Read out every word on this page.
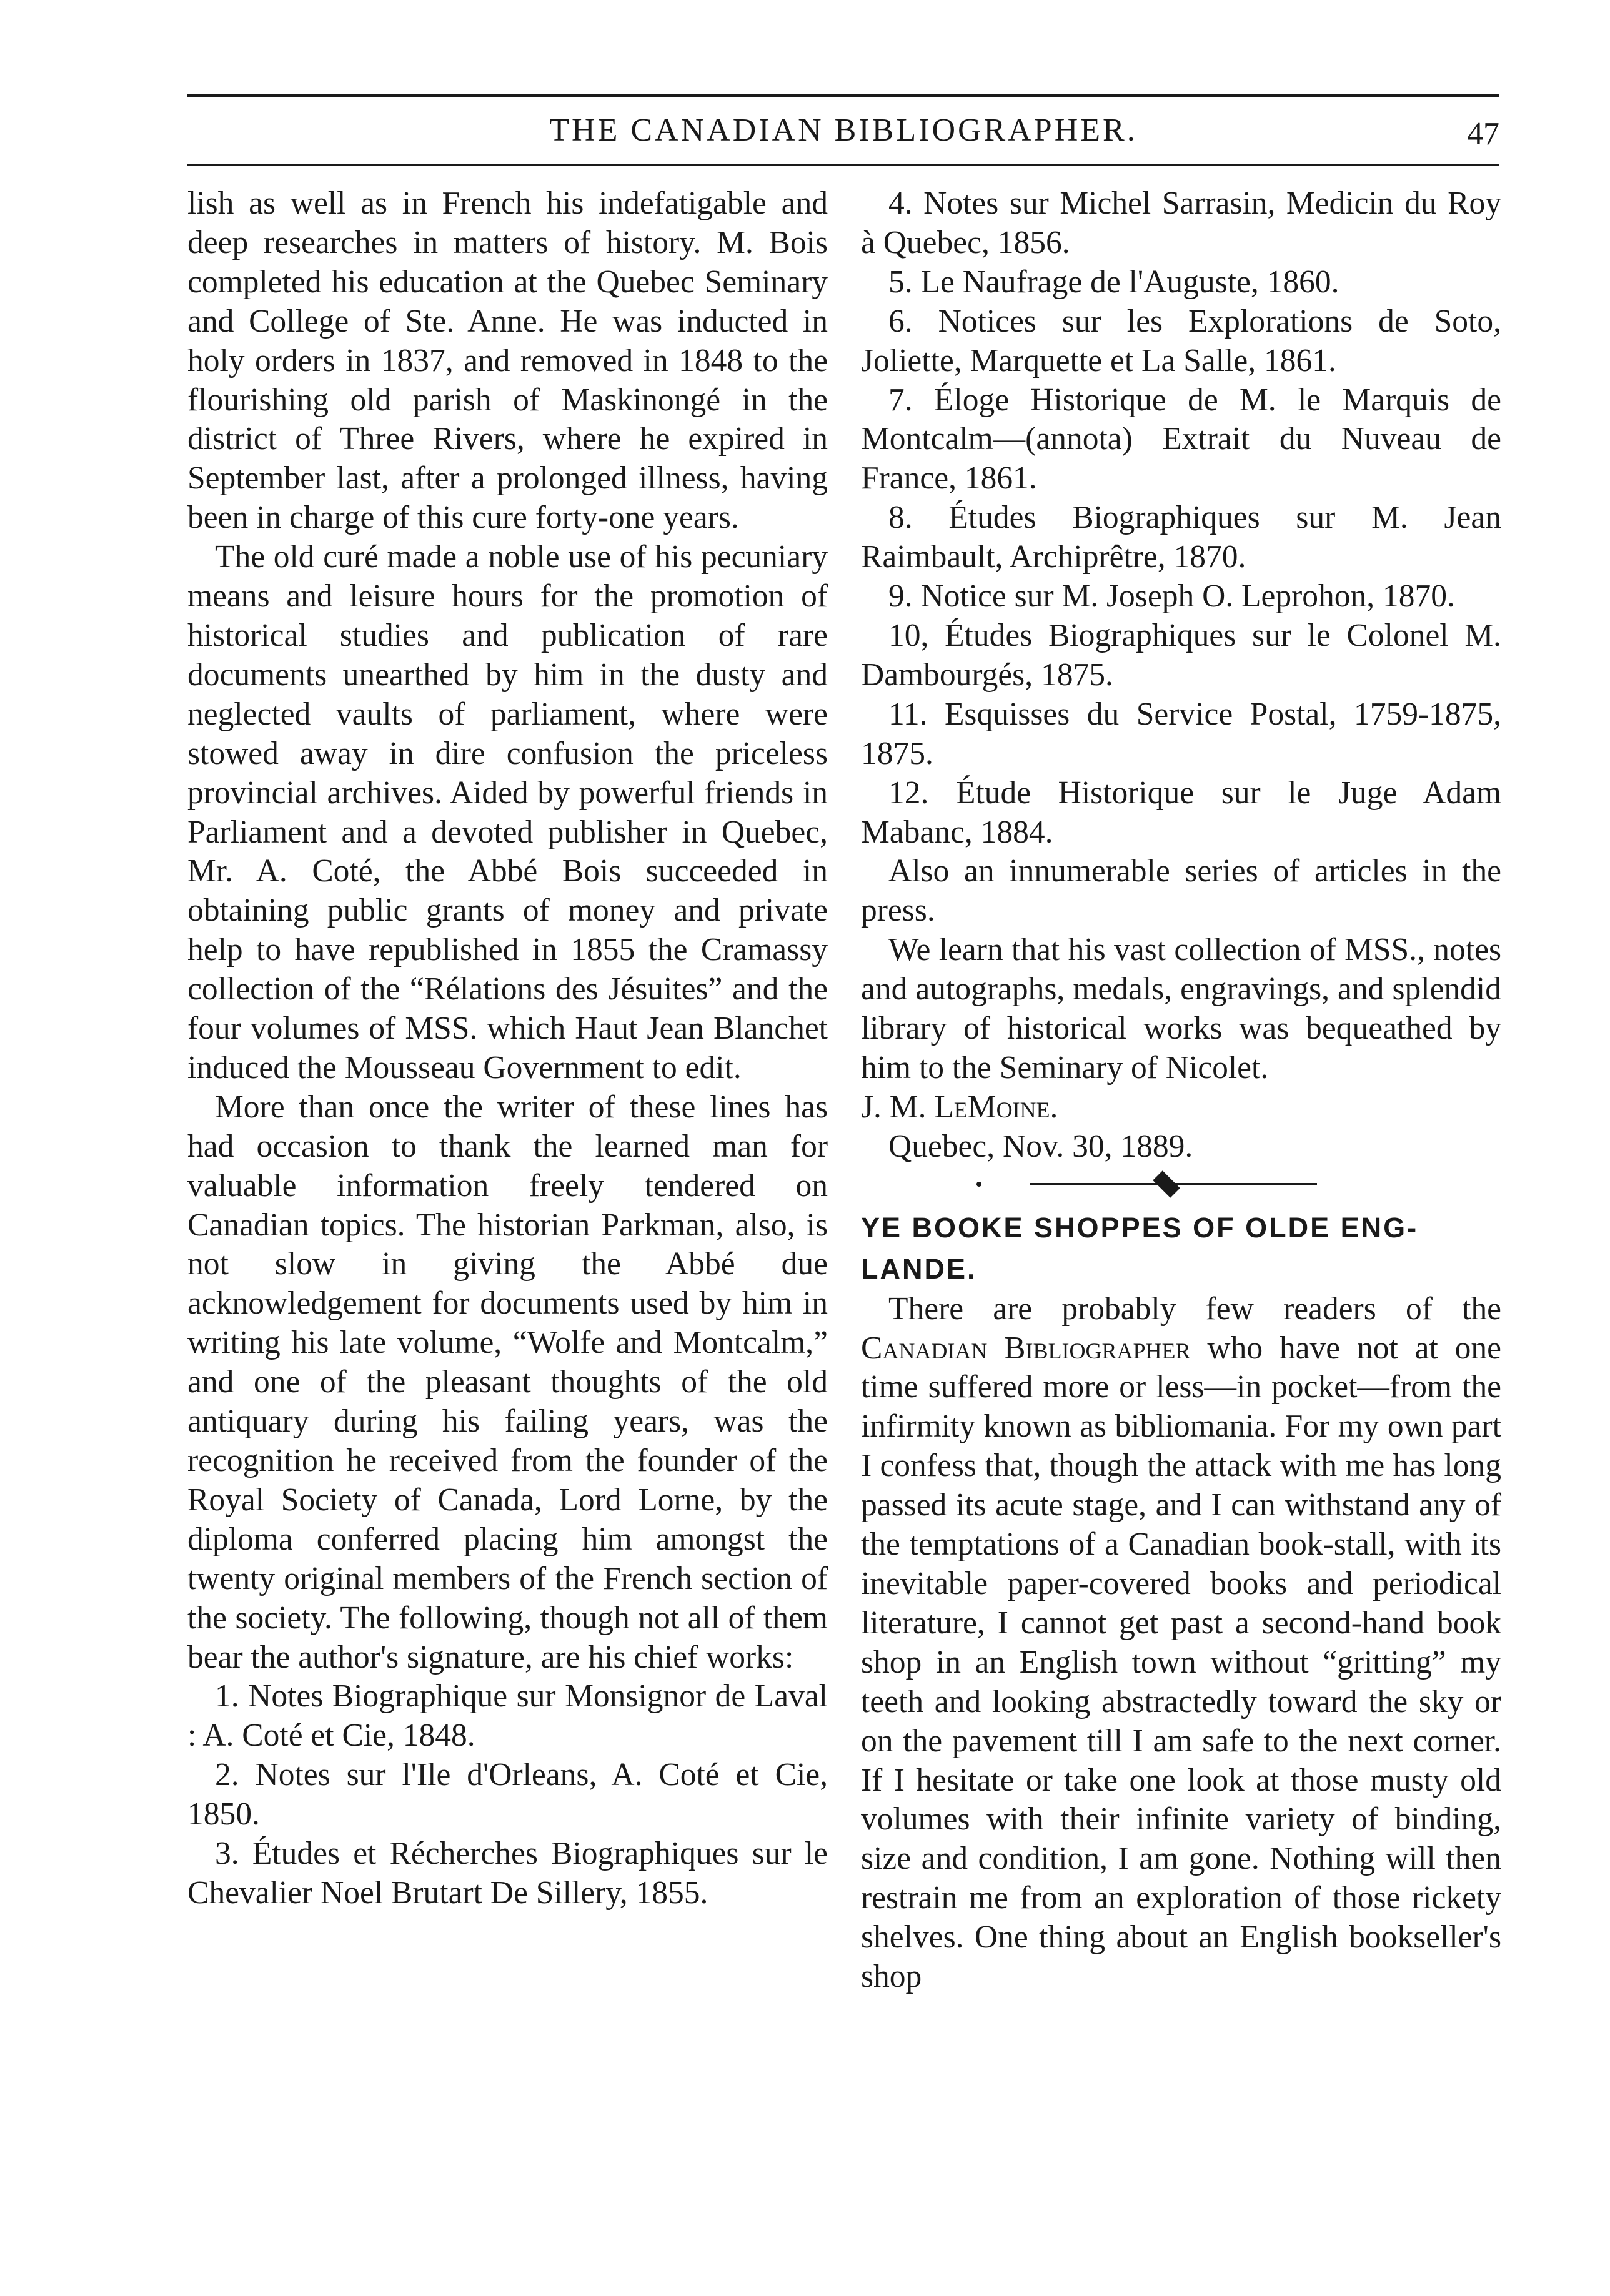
THE CANADIAN BIBLIOGRAPHER.	47

lish as well as in French his indefatigable and deep researches in matters of history. M. Bois completed his education at the Quebec Seminary and College of Ste. Anne. He was inducted in holy orders in 1837, and removed in 1848 to the flourishing old parish of Maskinongé in the district of Three Rivers, where he expired in September last, after a prolonged illness, having been in charge of this cure forty-one years.

The old curé made a noble use of his pecuniary means and leisure hours for the promotion of historical studies and publication of rare documents unearthed by him in the dusty and neglected vaults of parliament, where were stowed away in dire confusion the priceless provincial archives. Aided by powerful friends in Parliament and a devoted publisher in Quebec, Mr. A. Coté, the Abbé Bois succeeded in obtaining public grants of money and private help to have republished in 1855 the Cramassy collection of the “Rélations des Jésuites” and the four volumes of MSS. which Haut Jean Blanchet induced the Mousseau Government to edit.

More than once the writer of these lines has had occasion to thank the learned man for valuable information freely tendered on Canadian topics. The historian Parkman, also, is not slow in giving the Abbé due acknowledgement for documents used by him in writing his late volume, “Wolfe and Montcalm,” and one of the pleasant thoughts of the old antiquary during his failing years, was the recognition he received from the founder of the Royal Society of Canada, Lord Lorne, by the diploma conferred placing him amongst the twenty original members of the French section of the society. The following, though not all of them bear the author's signature, are his chief works:

1. Notes Biographique sur Monsignor de Laval : A. Coté et Cie, 1848.

2. Notes sur l'Ile d'Orleans, A. Coté et Cie, 1850.

3. Études et Récherches Biographiques sur le Chevalier Noel Brutart De Sillery, 1855.

4. Notes sur Michel Sarrasin, Medicin du Roy à Quebec, 1856.

5. Le Naufrage de l'Auguste, 1860.

6. Notices sur les Explorations de Soto, Joliette, Marquette et La Salle, 1861.

7. Éloge Historique de M. le Marquis de Montcalm—(annota) Extrait du Nuveau de France, 1861.

8. Études Biographiques sur M. Jean Raimbault, Archiprêtre, 1870.

9. Notice sur M. Joseph O. Leprohon, 1870.

10, Études Biographiques sur le Colonel M. Dambourgés, 1875.

11. Esquisses du Service Postal, 1759-1875, 1875.

12. Étude Historique sur le Juge Adam Mabanc, 1884.

Also an innumerable series of articles in the press.

We learn that his vast collection of MSS., notes and autographs, medals, engravings, and splendid library of historical works was bequeathed by him to the Seminary of Nicolet.

J. M. LeMoine.

Quebec, Nov. 30, 1889.

YE BOOKE SHOPPES OF OLDE ENG-
LANDE.

There are probably few readers of the Canadian Bibliographer who have not at one time suffered more or less—in pocket—from the infirmity known as bibliomania. For my own part I confess that, though the attack with me has long passed its acute stage, and I can withstand any of the temptations of a Canadian book-stall, with its inevitable paper-covered books and periodical literature, I cannot get past a second-hand book shop in an English town without “gritting” my teeth and looking abstractedly toward the sky or on the pavement till I am safe to the next corner. If I hesitate or take one look at those musty old volumes with their infinite variety of binding, size and condition, I am gone. Nothing will then restrain me from an exploration of those rickety shelves. One thing about an English bookseller's shop
